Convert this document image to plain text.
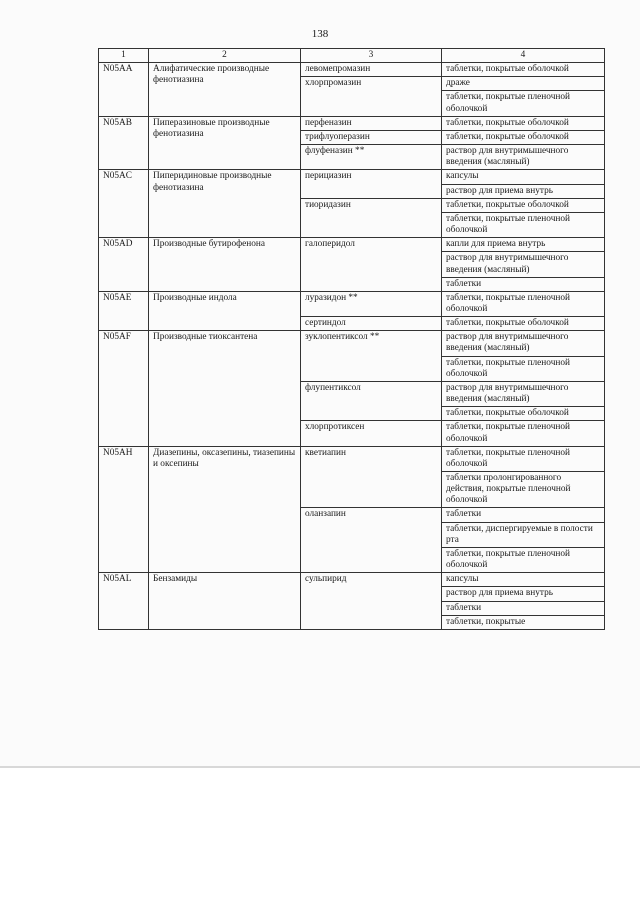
138
1	2	3	4
N05AA	Алифатические производные фенотиазина	левомепромазин	таблетки, покрытые оболочкой
		хлорпромазин	драже
			таблетки, покрытые пленочной оболочкой
N05AB	Пиперазиновые производные фенотиазина	перфеназин	таблетки, покрытые оболочкой
		трифлуоперазин	таблетки, покрытые оболочкой
		флуфеназин **	раствор для внутримышечного введения (масляный)
N05AC	Пиперидиновые производные фенотиазина	перициазин	капсулы
			раствор для приема внутрь
		тиоридазин	таблетки, покрытые оболочкой
			таблетки, покрытые пленочной оболочкой
N05AD	Производные бутирофенона	галоперидол	капли для приема внутрь
			раствор для внутримышечного введения (масляный)
			таблетки
N05AE	Производные индола	луразидон **	таблетки, покрытые пленочной оболочкой
		сертиндол	таблетки, покрытые оболочкой
N05AF	Производные тиоксантена	зуклопентиксол **	раствор для внутримышечного введения (масляный)
			таблетки, покрытые пленочной оболочкой
		флупентиксол	раствор для внутримышечного введения (масляный)
			таблетки, покрытые оболочкой
		хлорпротиксен	таблетки, покрытые пленочной оболочкой
N05AH	Диазепины, оксазепины, тиазепины и оксепины	кветиапин	таблетки, покрытые пленочной оболочкой
			таблетки пролонгированного действия, покрытые пленочной оболочкой
		оланзапин	таблетки
			таблетки, диспергируемые в полости рта
			таблетки, покрытые пленочной оболочкой
N05AL	Бензамиды	сульпирид	капсулы
			раствор для приема внутрь
			таблетки
			таблетки, покрытые
